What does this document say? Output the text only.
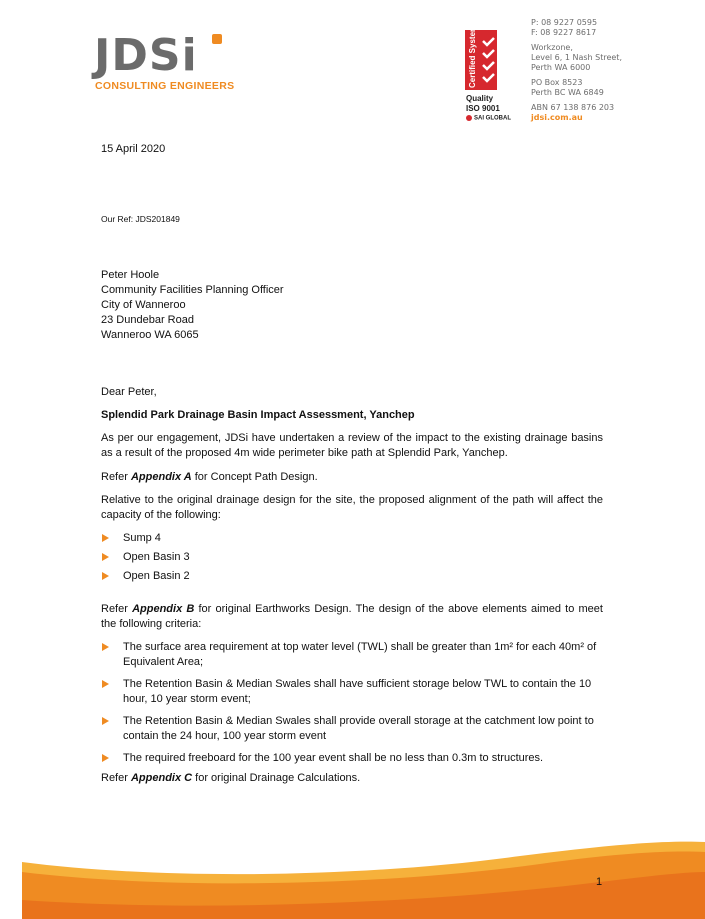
JDSi
CONSULTING ENGINEERS	Certified System
Quality
ISO 9001
SAI GLOBAL
P: 08 9227 0595
F: 08 9227 8617
Workzone,
Level 6, 1 Nash Street,
Perth WA 6000
PO Box 8523
Perth BC WA 6849
ABN 67 138 876 203
jdsi.com.au
15 April 2020
Our Ref: JDS201849
Peter Hoole
Community Facilities Planning Officer
City of Wanneroo
23 Dundebar Road
Wanneroo WA 6065
Dear Peter,
Splendid Park Drainage Basin Impact Assessment, Yanchep
As per our engagement, JDSi have undertaken a review of the impact to the existing drainage basins as a result of the proposed 4m wide perimeter bike path at Splendid Park, Yanchep.
Refer Appendix A for Concept Path Design.
Relative to the original drainage design for the site, the proposed alignment of the path will affect the capacity of the following:
Sump 4
Open Basin 3
Open Basin 2
Refer Appendix B for original Earthworks Design. The design of the above elements aimed to meet the following criteria:
The surface area requirement at top water level (TWL) shall be greater than 1m² for each 40m² of Equivalent Area;
The Retention Basin & Median Swales shall have sufficient storage below TWL to contain the 10 hour, 10 year storm event;
The Retention Basin & Median Swales shall provide overall storage at the catchment low point to contain the 24 hour, 100 year storm event
The required freeboard for the 100 year event shall be no less than 0.3m to structures.
Refer Appendix C for original Drainage Calculations.
1
